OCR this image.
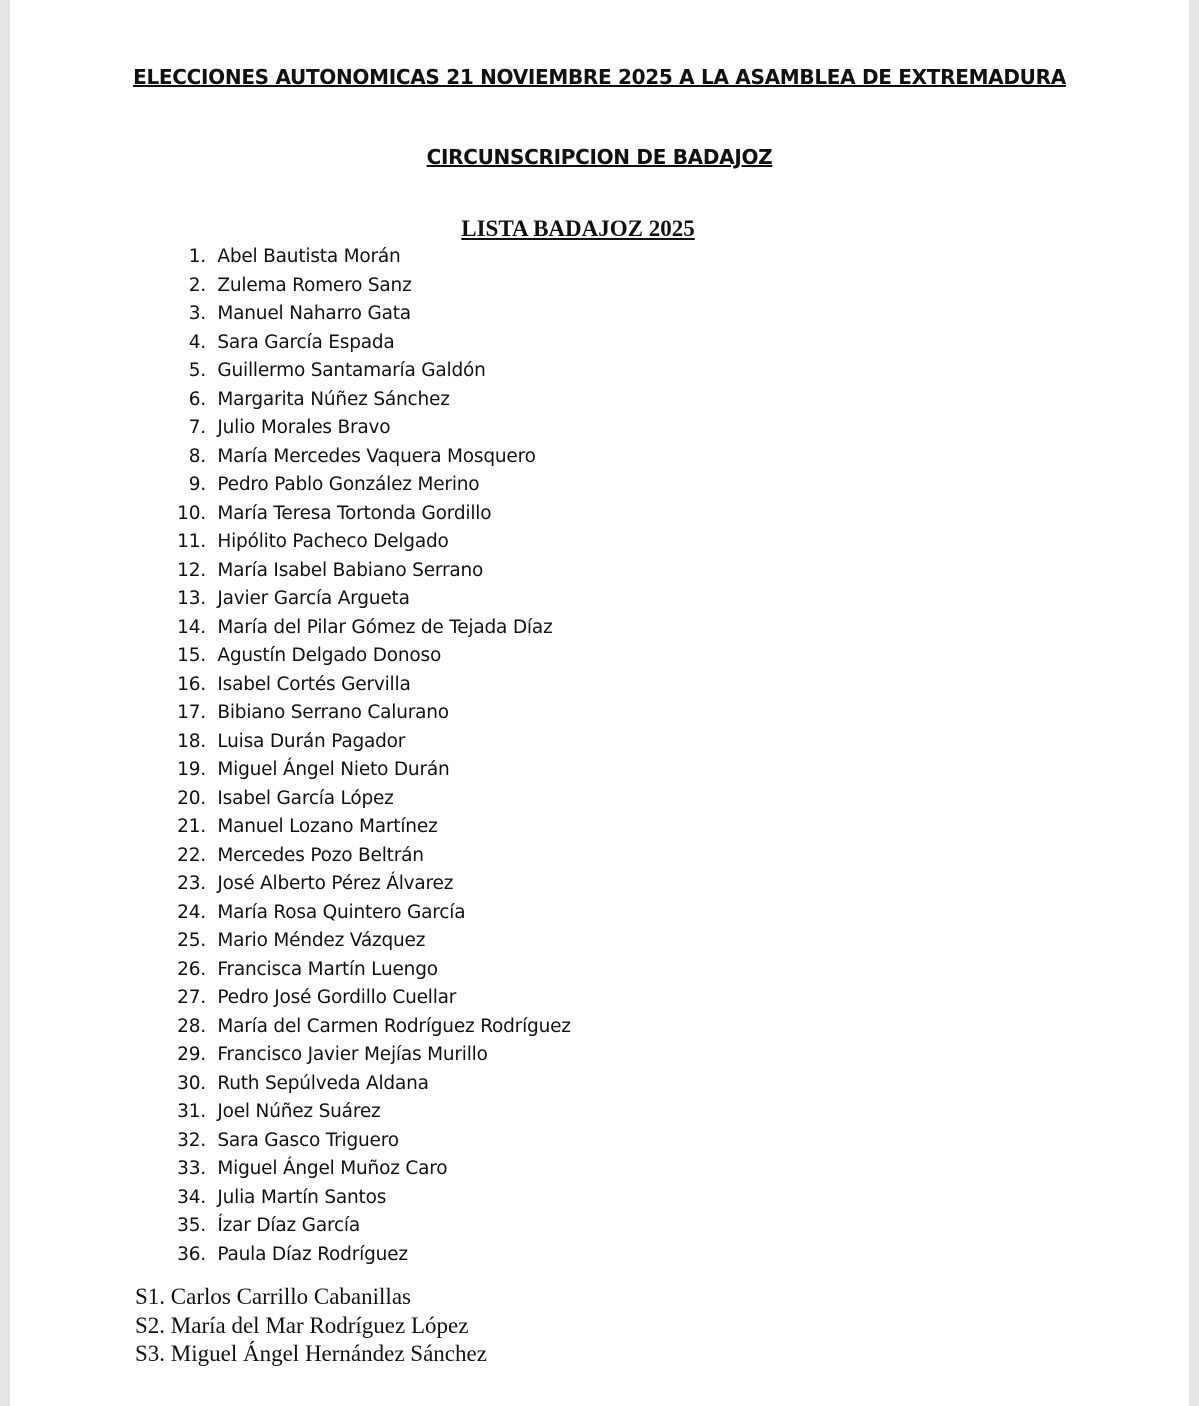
ELECCIONES AUTONOMICAS 21 NOVIEMBRE 2025 A LA ASAMBLEA DE EXTREMADURA
CIRCUNSCRIPCION DE BADAJOZ
LISTA BADAJOZ 2025
1. Abel Bautista Morán
2. Zulema Romero Sanz
3. Manuel Naharro Gata
4. Sara García Espada
5. Guillermo Santamaría Galdón
6. Margarita Núñez Sánchez
7. Julio Morales Bravo
8. María Mercedes Vaquera Mosquero
9. Pedro Pablo González Merino
10. María Teresa Tortonda Gordillo
11. Hipólito Pacheco Delgado
12. María Isabel Babiano Serrano
13. Javier García Argueta
14. María del Pilar Gómez de Tejada Díaz
15. Agustín Delgado Donoso
16. Isabel Cortés Gervilla
17. Bibiano Serrano Calurano
18. Luisa Durán Pagador
19. Miguel Ángel Nieto Durán
20. Isabel García López
21. Manuel Lozano Martínez
22. Mercedes Pozo Beltrán
23. José Alberto Pérez Álvarez
24. María Rosa Quintero García
25. Mario Méndez Vázquez
26. Francisca Martín Luengo
27. Pedro José Gordillo Cuellar
28. María del Carmen Rodríguez Rodríguez
29. Francisco Javier Mejías Murillo
30. Ruth Sepúlveda Aldana
31. Joel Núñez Suárez
32. Sara Gasco Triguero
33. Miguel Ángel Muñoz Caro
34. Julia Martín Santos
35. Ízar Díaz García
36. Paula Díaz Rodríguez
S1. Carlos Carrillo Cabanillas
S2. María del Mar Rodríguez López
S3. Miguel Ángel Hernández Sánchez
